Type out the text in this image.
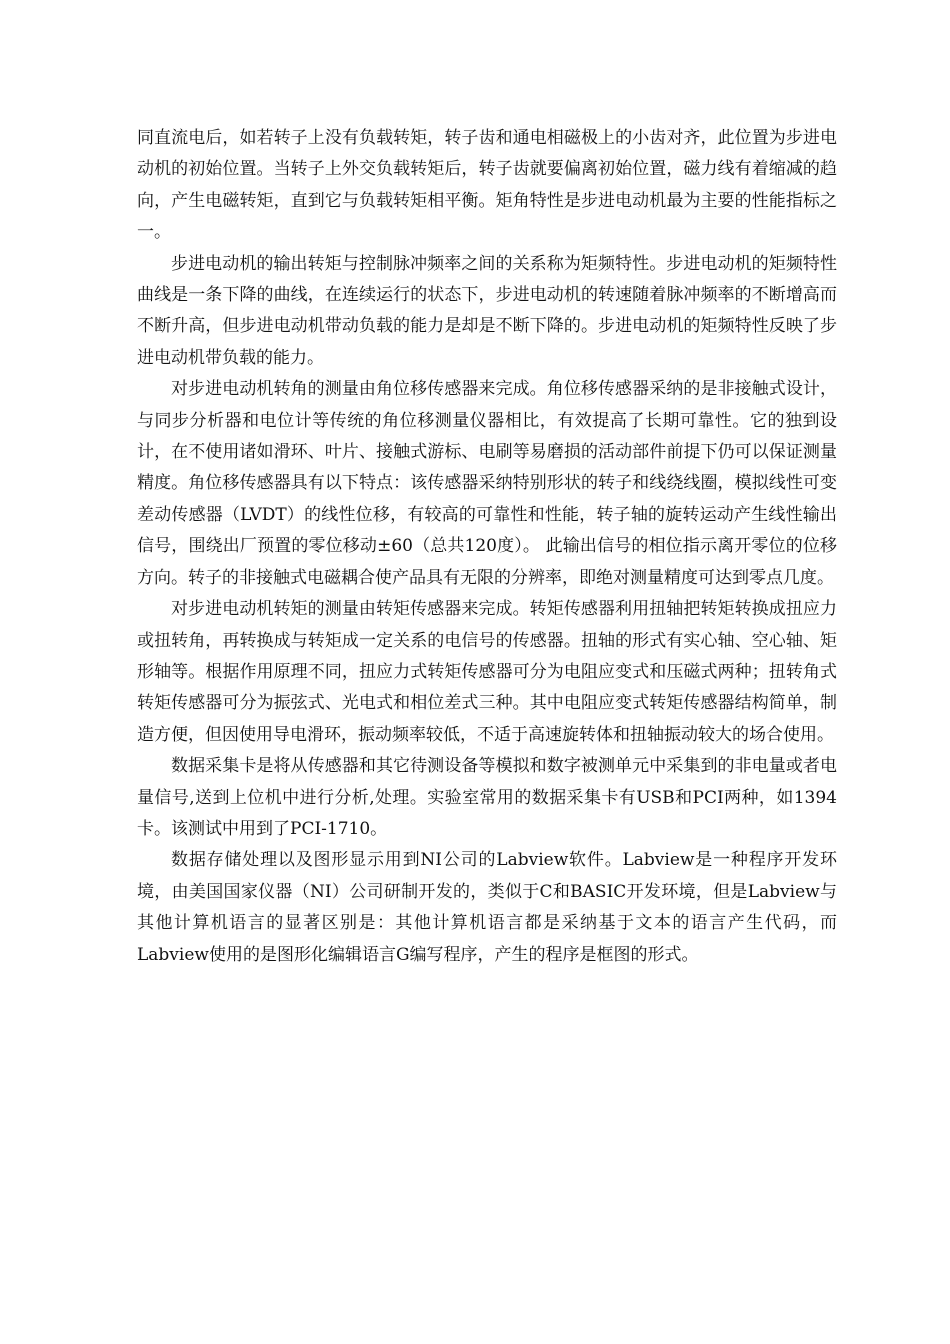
同直流电后，如若转子上没有负载转矩，转子齿和通电相磁极上的小齿对齐，此位置为步进电动机的初始位置。当转子上外交负载转矩后，转子齿就要偏离初始位置，磁力线有着缩减的趋向，产生电磁转矩，直到它与负载转矩相平衡。矩角特性是步进电动机最为主要的性能指标之一。

步进电动机的输出转矩与控制脉冲频率之间的关系称为矩频特性。步进电动机的矩频特性曲线是一条下降的曲线，在连续运行的状态下，步进电动机的转速随着脉冲频率的不断增高而不断升高，但步进电动机带动负载的能力是却是不断下降的。步进电动机的矩频特性反映了步进电动机带负载的能力。

对步进电动机转角的测量由角位移传感器来完成。角位移传感器采纳的是非接触式设计，与同步分析器和电位计等传统的角位移测量仪器相比，有效提高了长期可靠性。它的独到设计，在不使用诸如滑环、叶片、接触式游标、电刷等易磨损的活动部件前提下仍可以保证测量精度。角位移传感器具有以下特点：该传感器采纳特别形状的转子和线绕线圈，模拟线性可变差动传感器（LVDT）的线性位移，有较高的可靠性和性能，转子轴的旋转运动产生线性输出信号，围绕出厂预置的零位移动±60（总共120度）。 此输出信号的相位指示离开零位的位移方向。转子的非接触式电磁耦合使产品具有无限的分辨率，即绝对测量精度可达到零点几度。

对步进电动机转矩的测量由转矩传感器来完成。转矩传感器利用扭轴把转矩转换成扭应力或扭转角，再转换成与转矩成一定关系的电信号的传感器。扭轴的形式有实心轴、空心轴、矩形轴等。根据作用原理不同，扭应力式转矩传感器可分为电阻应变式和压磁式两种；扭转角式转矩传感器可分为振弦式、光电式和相位差式三种。其中电阻应变式转矩传感器结构简单，制造方便，但因使用导电滑环，振动频率较低，不适于高速旋转体和扭轴振动较大的场合使用。

数据采集卡是将从传感器和其它待测设备等模拟和数字被测单元中采集到的非电量或者电量信号,送到上位机中进行分析,处理。实验室常用的数据采集卡有USB和PCI两种，如1394卡。该测试中用到了PCI-1710。

数据存储处理以及图形显示用到NI公司的Labview软件。Labview是一种程序开发环境，由美国国家仪器（NI）公司研制开发的，类似于C和BASIC开发环境，但是Labview与其他计算机语言的显著区别是：其他计算机语言都是采纳基于文本的语言产生代码，而Labview使用的是图形化编辑语言G编写程序，产生的程序是框图的形式。
